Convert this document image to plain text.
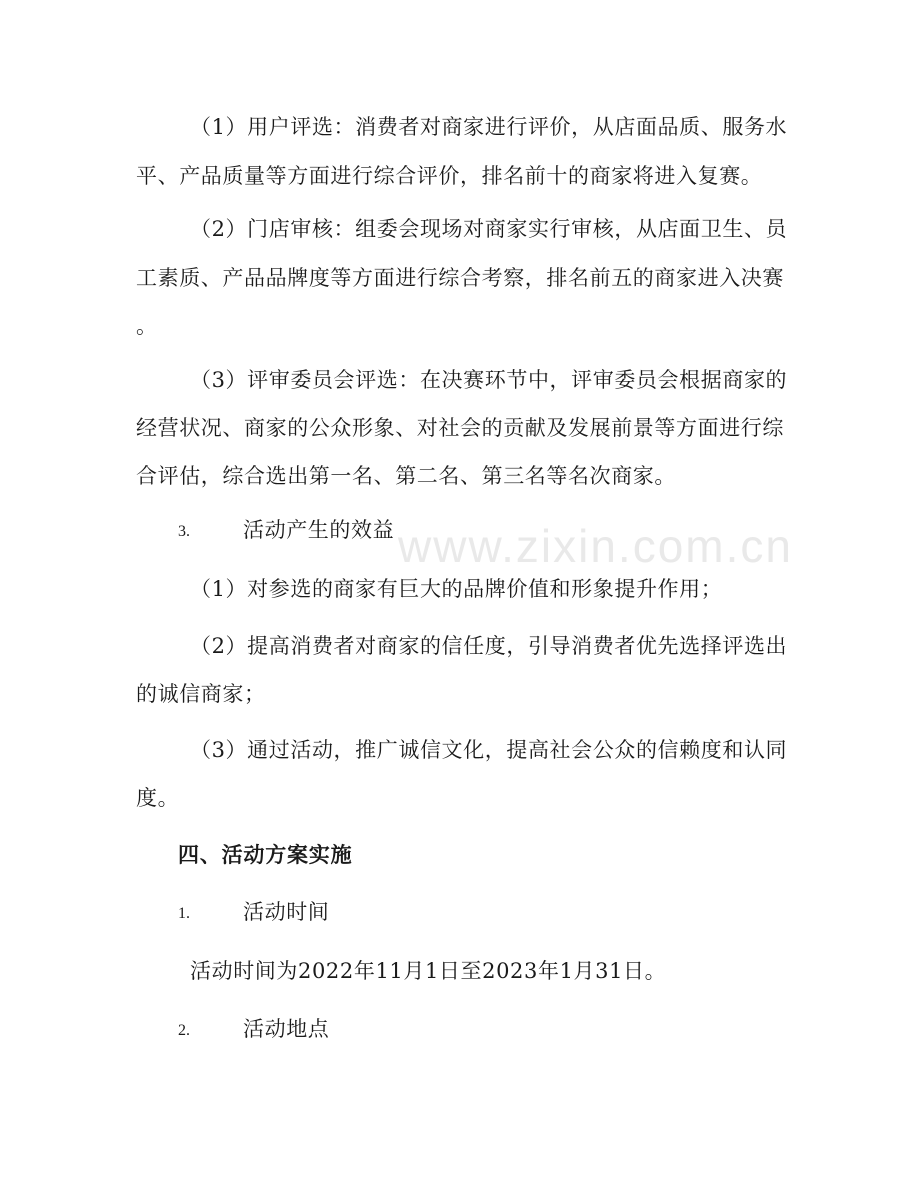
www.zixin.com.cn
（1）用户评选：消费者对商家进行评价，从店面品质、服务水
平、产品质量等方面进行综合评价，排名前十的商家将进入复赛。
（2）门店审核：组委会现场对商家实行审核，从店面卫生、员
工素质、产品品牌度等方面进行综合考察，排名前五的商家进入决赛
。
（3）评审委员会评选：在决赛环节中，评审委员会根据商家的
经营状况、商家的公众形象、对社会的贡献及发展前景等方面进行综
合评估，综合选出第一名、第二名、第三名等名次商家。
3.	活动产生的效益
（1）对参选的商家有巨大的品牌价值和形象提升作用；
（2）提高消费者对商家的信任度，引导消费者优先选择评选出
的诚信商家；
（3）通过活动，推广诚信文化，提高社会公众的信赖度和认同
度。
四、活动方案实施
1.	活动时间
活动时间为2022年11月1日至2023年1月31日。
2.	活动地点
